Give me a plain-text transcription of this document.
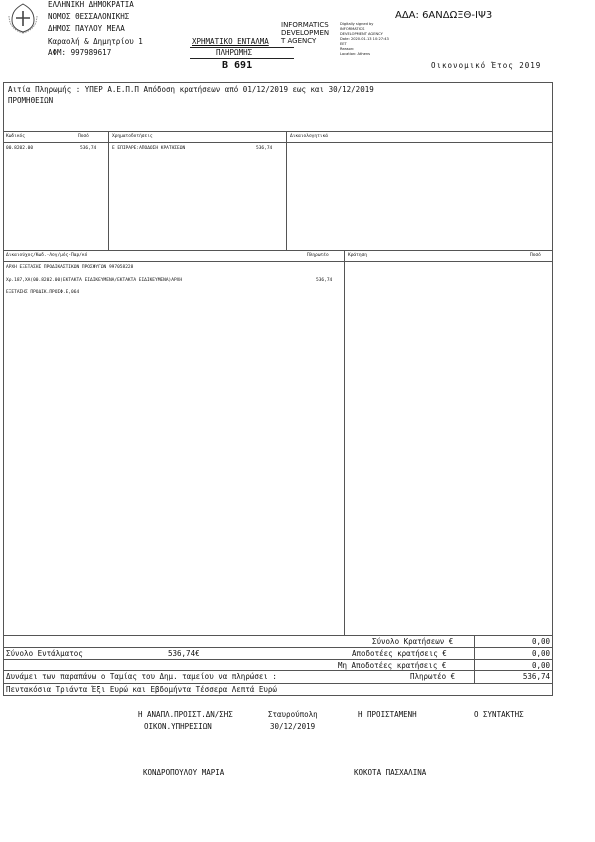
ΕΛΛΗΝΙΚΗ ΔΗΜΟΚΡΑΤΙΑ
ΝΟΜΟΣ ΘΕΣΣΑΛΟΝΙΚΗΣ
ΔΗΜΟΣ ΠΑΥΛΟΥ ΜΕΛΑ
Καραολή & Δημητρίου 1
ΑΦΜ: 997989617
ΧΡΗΜΑΤΙΚΟ ΕΝΤΑΛΜΑ
ΠΛΗΡΩΜΗΣ
Β 691
INFORMATICS
DEVELOPMEN
T AGENCY
Digitally signed by
INFORMATICS
DEVELOPMENT AGENCY
Date: 2020.01.13 10:27:43
EET
Reason:
Location: Athens
ΑΔΑ: 6ΑΝΔΩΞΘ-ΙΨ3
Οικονομικό Έτος 2019
Αιτία Πληρωμής : ΥΠΕΡ Α.Ε.Π.Π Απόδοση κρατήσεων από 01/12/2019 εως και 30/12/2019
ΠΡΟΜΗΘΕΙΩΝ
Κωδικός	Ποσό	Χρηματοδοτήσεις	Δικαιολογητικά
00.8202.00	536,74	Ε ΕΠΙΡΑΡΕ:ΑΠΟΔΟΣΗ ΚΡΑΤΗΣΕΩΝ	536,74
Δικαιούχος/Κωδ.-Λογ/μός-Παρ/κό	Πληρωτέο	Κράτηση	Ποσό
ΑΡΧΗ ΕΞΕΤΑΣΗΣ ΠΡΟΔΙΚΑΣΤΙΚΩΝ ΠΡΟΣΦΥΓΩΝ 997058228
Χρ.187,ΧΑ(00.8202.00)ΕΚΤΑΚΤΑ ΕΙΔΙΚΕΥΜΕΝΑ/ΕΚΤΑΚΤΑ ΕΙΔΙΚΕΥΜΕΝΑ)ΑΡΧΗ	536,74
ΕΞΕΤΑΣΗΣ ΠΡΟΔΙΚ.ΠΡΟΣΦ.Ε,064
Σύνολο Κρατήσεων €	0,00
Σύνολο Εντάλματος	536,74€	Αποδοτέες κρατήσεις €	0,00
Μη Αποδοτέες κρατήσεις €	0,00
Δυνάμει των παραπάνω ο Ταμίας του Δημ. ταμείου να πληρώσει :	Πληρωτέο €	536,74
Πεντακόσια Τριάντα Έξι Ευρώ και Εβδομήντα Τέσσερα Λεπτά Ευρώ
Η ΑΝΑΠΛ.ΠΡΟΙΣΤ.ΔΝ/ΣΗΣ	Σταυρούπολη	Η ΠΡΟΙΣΤΑΜΕΝΗ	Ο ΣΥΝΤΑΚΤΗΣ
ΟΙΚΟΝ.ΥΠΗΡΕΣΙΩΝ	30/12/2019
ΚΟΝΔΡΟΠΟΥΛΟΥ ΜΑΡΙΑ	ΚΟΚΟΤΑ ΠΑΣΧΑΛΙΝΑ
